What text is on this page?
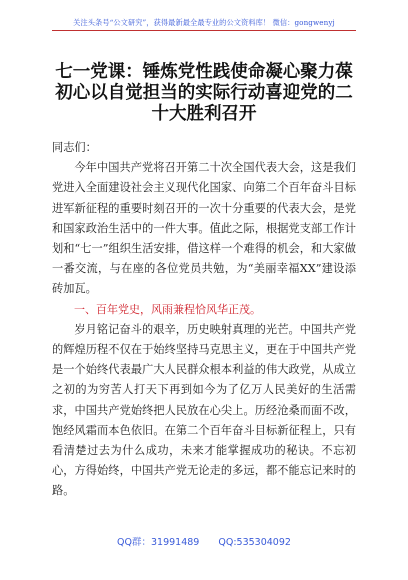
关注头条号“公文研究”，获得最新最全最专业的公文资料库！ 微信：gongwenyj
七一党课：锤炼党性践使命凝心聚力葆初心以自觉担当的实际行动喜迎党的二十大胜利召开

同志们：

今年中国共产党将召开第二十次全国代表大会，这是我们党进入全面建设社会主义现代化国家、向第二个百年奋斗目标进军新征程的重要时刻召开的一次十分重要的代表大会，是党和国家政治生活中的一件大事。值此之际，根据党支部工作计划和“七一”组织生活安排，借这样一个难得的机会，和大家做一番交流，与在座的各位党员共勉，为“美丽幸福XX”建设添砖加瓦。

一、百年党史，风雨兼程恰风华正茂。

岁月铭记奋斗的艰辛，历史映射真理的光芒。中国共产党的辉煌历程不仅在于始终坚持马克思主义，更在于中国共产党是一个始终代表最广大人民群众根本利益的伟大政党，从成立之初的为穷苦人打天下再到如今为了亿万人民美好的生活需求，中国共产党始终把人民放在心尖上。历经沧桑而面不改，饱经风霜而本色依旧。在第二个百年奋斗目标新征程上，只有看清楚过去为什么成功，未来才能掌握成功的秘诀。不忘初心，方得始终，中国共产党无论走的多远，都不能忘记来时的路。

QQ群：31991489 QQ:535304092
